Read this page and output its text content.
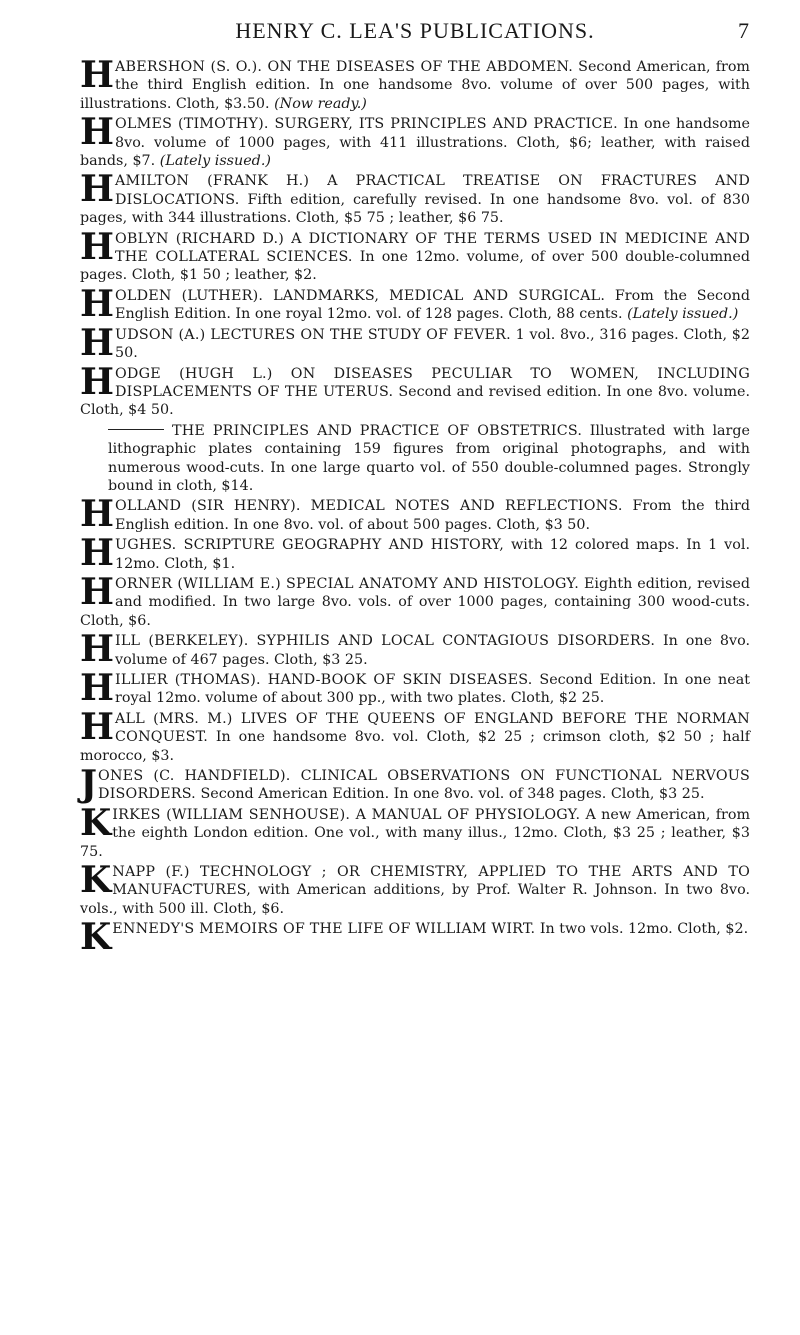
HENRY C. LEA'S PUBLICATIONS.	7
HABERSHON (S. O.). ON THE DISEASES OF THE ABDOMEN. Second American, from the third English edition. In one handsome 8vo. volume of over 500 pages, with illustrations. Cloth, $3.50. (Now ready.)
HOLMES (TIMOTHY). SURGERY, ITS PRINCIPLES AND PRACTICE. In one handsome 8vo. volume of 1000 pages, with 411 illustrations. Cloth, $6; leather, with raised bands, $7. (Lately issued.)
HAMILTON (FRANK H.) A PRACTICAL TREATISE ON FRACTURES AND DISLOCATIONS. Fifth edition, carefully revised. In one handsome 8vo. vol. of 830 pages, with 344 illustrations. Cloth, $5 75 ; leather, $6 75.
HOBLYN (RICHARD D.) A DICTIONARY OF THE TERMS USED IN MEDICINE AND THE COLLATERAL SCIENCES. In one 12mo. volume, of over 500 double-columned pages. Cloth, $1 50 ; leather, $2.
HOLDEN (LUTHER). LANDMARKS, MEDICAL AND SURGICAL. From the Second English Edition. In one royal 12mo. vol. of 128 pages. Cloth, 88 cents. (Lately issued.)
HUDSON (A.) LECTURES ON THE STUDY OF FEVER. 1 vol. 8vo., 316 pages. Cloth, $2 50.
HODGE (HUGH L.) ON DISEASES PECULIAR TO WOMEN, INCLUDING DISPLACEMENTS OF THE UTERUS. Second and revised edition. In one 8vo. volume. Cloth, $4 50.
THE PRINCIPLES AND PRACTICE OF OBSTETRICS. Illustrated with large lithographic plates containing 159 figures from original photographs, and with numerous wood-cuts. In one large quarto vol. of 550 double-columned pages. Strongly bound in cloth, $14.
HOLLAND (SIR HENRY). MEDICAL NOTES AND REFLECTIONS. From the third English edition. In one 8vo. vol. of about 500 pages. Cloth, $3 50.
HUGHES. SCRIPTURE GEOGRAPHY AND HISTORY, with 12 colored maps. In 1 vol. 12mo. Cloth, $1.
HORNER (WILLIAM E.) SPECIAL ANATOMY AND HISTOLOGY. Eighth edition, revised and modified. In two large 8vo. vols. of over 1000 pages, containing 300 wood-cuts. Cloth, $6.
HILL (BERKELEY). SYPHILIS AND LOCAL CONTAGIOUS DISORDERS. In one 8vo. volume of 467 pages. Cloth, $3 25.
HILLIER (THOMAS). HAND-BOOK OF SKIN DISEASES. Second Edition. In one neat royal 12mo. volume of about 300 pp., with two plates. Cloth, $2 25.
HALL (MRS. M.) LIVES OF THE QUEENS OF ENGLAND BEFORE THE NORMAN CONQUEST. In one handsome 8vo. vol. Cloth, $2 25 ; crimson cloth, $2 50 ; half morocco, $3.
JONES (C. HANDFIELD). CLINICAL OBSERVATIONS ON FUNCTIONAL NERVOUS DISORDERS. Second American Edition. In one 8vo. vol. of 348 pages. Cloth, $3 25.
KIRKES (WILLIAM SENHOUSE). A MANUAL OF PHYSIOLOGY. A new American, from the eighth London edition. One vol., with many illus., 12mo. Cloth, $3 25 ; leather, $3 75.
KNAPP (F.) TECHNOLOGY ; OR CHEMISTRY, APPLIED TO THE ARTS AND TO MANUFACTURES, with American additions, by Prof. Walter R. Johnson. In two 8vo. vols., with 500 ill. Cloth, $6.
KENNEDY'S MEMOIRS OF THE LIFE OF WILLIAM WIRT. In two vols. 12mo. Cloth, $2.
